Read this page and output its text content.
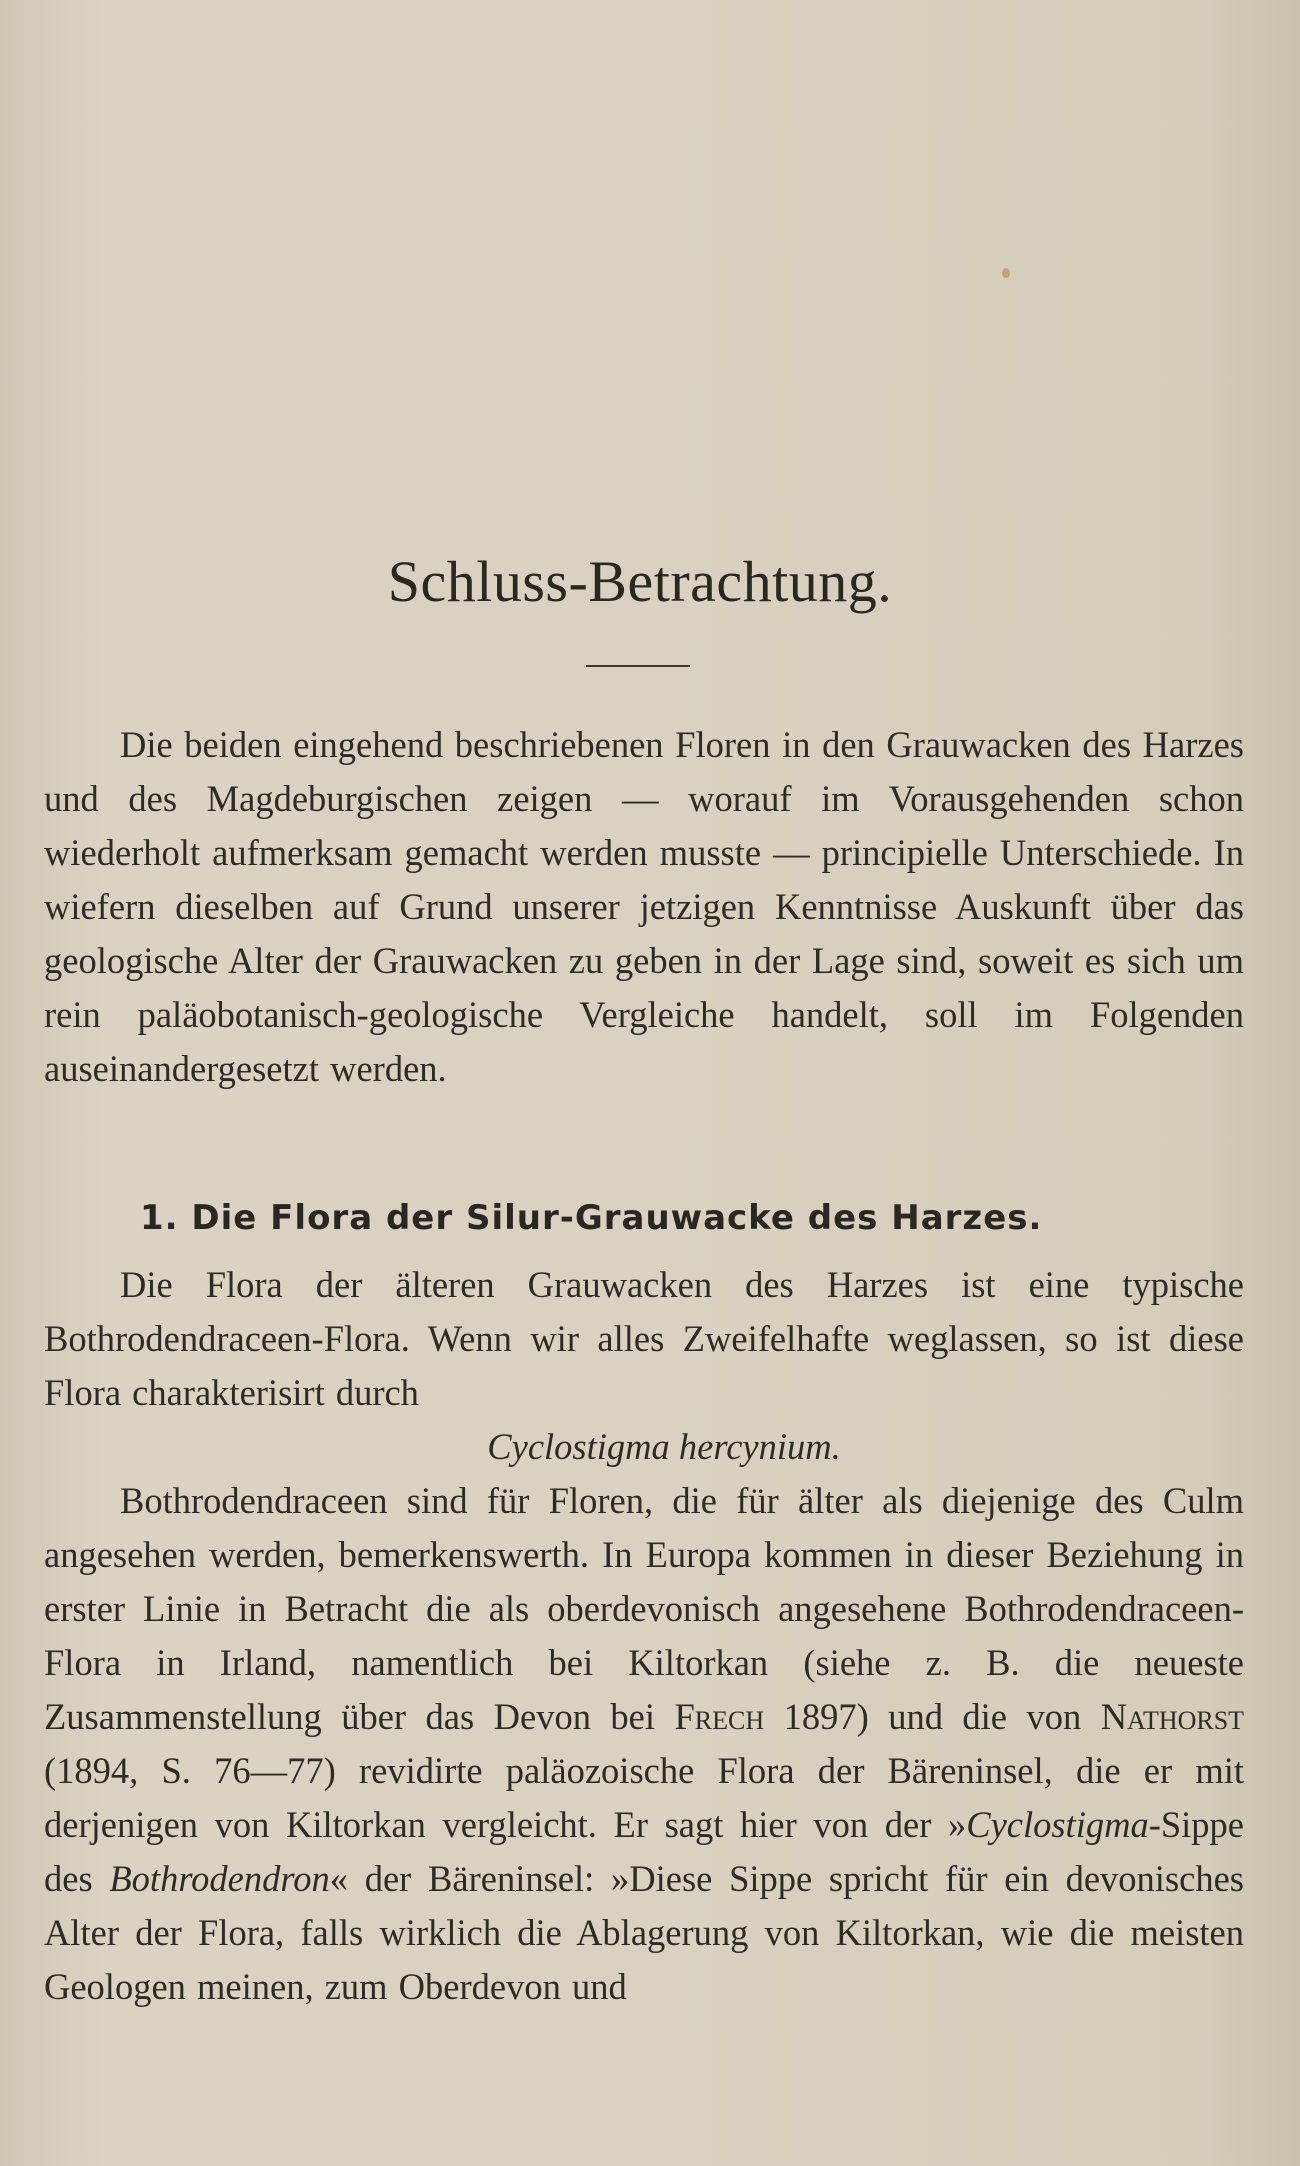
Schluss-Betrachtung.

Die beiden eingehend beschriebenen Floren in den Grauwacken des Harzes und des Magdeburgischen zeigen — worauf im Vorausgehenden schon wiederholt aufmerksam gemacht werden musste — principielle Unterschiede. In wiefern dieselben auf Grund unserer jetzigen Kenntnisse Auskunft über das geologische Alter der Grauwacken zu geben in der Lage sind, soweit es sich um rein paläobotanisch-geologische Vergleiche handelt, soll im Folgenden auseinandergesetzt werden.

1. Die Flora der Silur-Grauwacke des Harzes.

Die Flora der älteren Grauwacken des Harzes ist eine typische Bothrodendraceen-Flora. Wenn wir alles Zweifelhafte weglassen, so ist diese Flora charakterisirt durch

Cyclostigma hercynium.

Bothrodendraceen sind für Floren, die für älter als diejenige des Culm angesehen werden, bemerkenswerth. In Europa kommen in dieser Beziehung in erster Linie in Betracht die als oberdevonisch angesehene Bothrodendraceen-Flora in Irland, namentlich bei Kiltorkan (siehe z. B. die neueste Zusammenstellung über das Devon bei Frech 1897) und die von Nathorst (1894, S. 76—77) revidirte paläozoische Flora der Bäreninsel, die er mit derjenigen von Kiltorkan vergleicht. Er sagt hier von der »Cyclostigma-Sippe des Bothrodendron« der Bäreninsel: »Diese Sippe spricht für ein devonisches Alter der Flora, falls wirklich die Ablagerung von Kiltorkan, wie die meisten Geologen meinen, zum Oberdevon und
